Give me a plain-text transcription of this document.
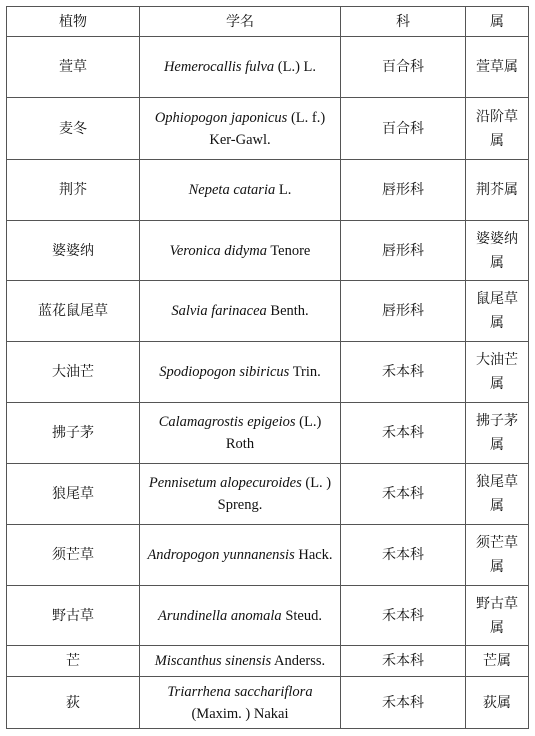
植物	学名	科	属
萱草	Hemerocallis fulva (L.) L.	百合科	萱草属
麦冬	Ophiopogon japonicus (L. f.) Ker-Gawl.	百合科	沿阶草属
荆芥	Nepeta cataria L.	唇形科	荆芥属
婆婆纳	Veronica didyma Tenore	唇形科	婆婆纳属
蓝花鼠尾草	Salvia farinacea Benth.	唇形科	鼠尾草属
大油芒	Spodiopogon sibiricus Trin.	禾本科	大油芒属
拂子茅	Calamagrostis epigeios (L.) Roth	禾本科	拂子茅属
狼尾草	Pennisetum alopecuroides (L. ) Spreng.	禾本科	狼尾草属
须芒草	Andropogon yunnanensis Hack.	禾本科	须芒草属
野古草	Arundinella anomala Steud.	禾本科	野古草属
芒	Miscanthus sinensis Anderss.	禾本科	芒属
荻	Triarrhena sacchariflora (Maxim. ) Nakai	禾本科	荻属
